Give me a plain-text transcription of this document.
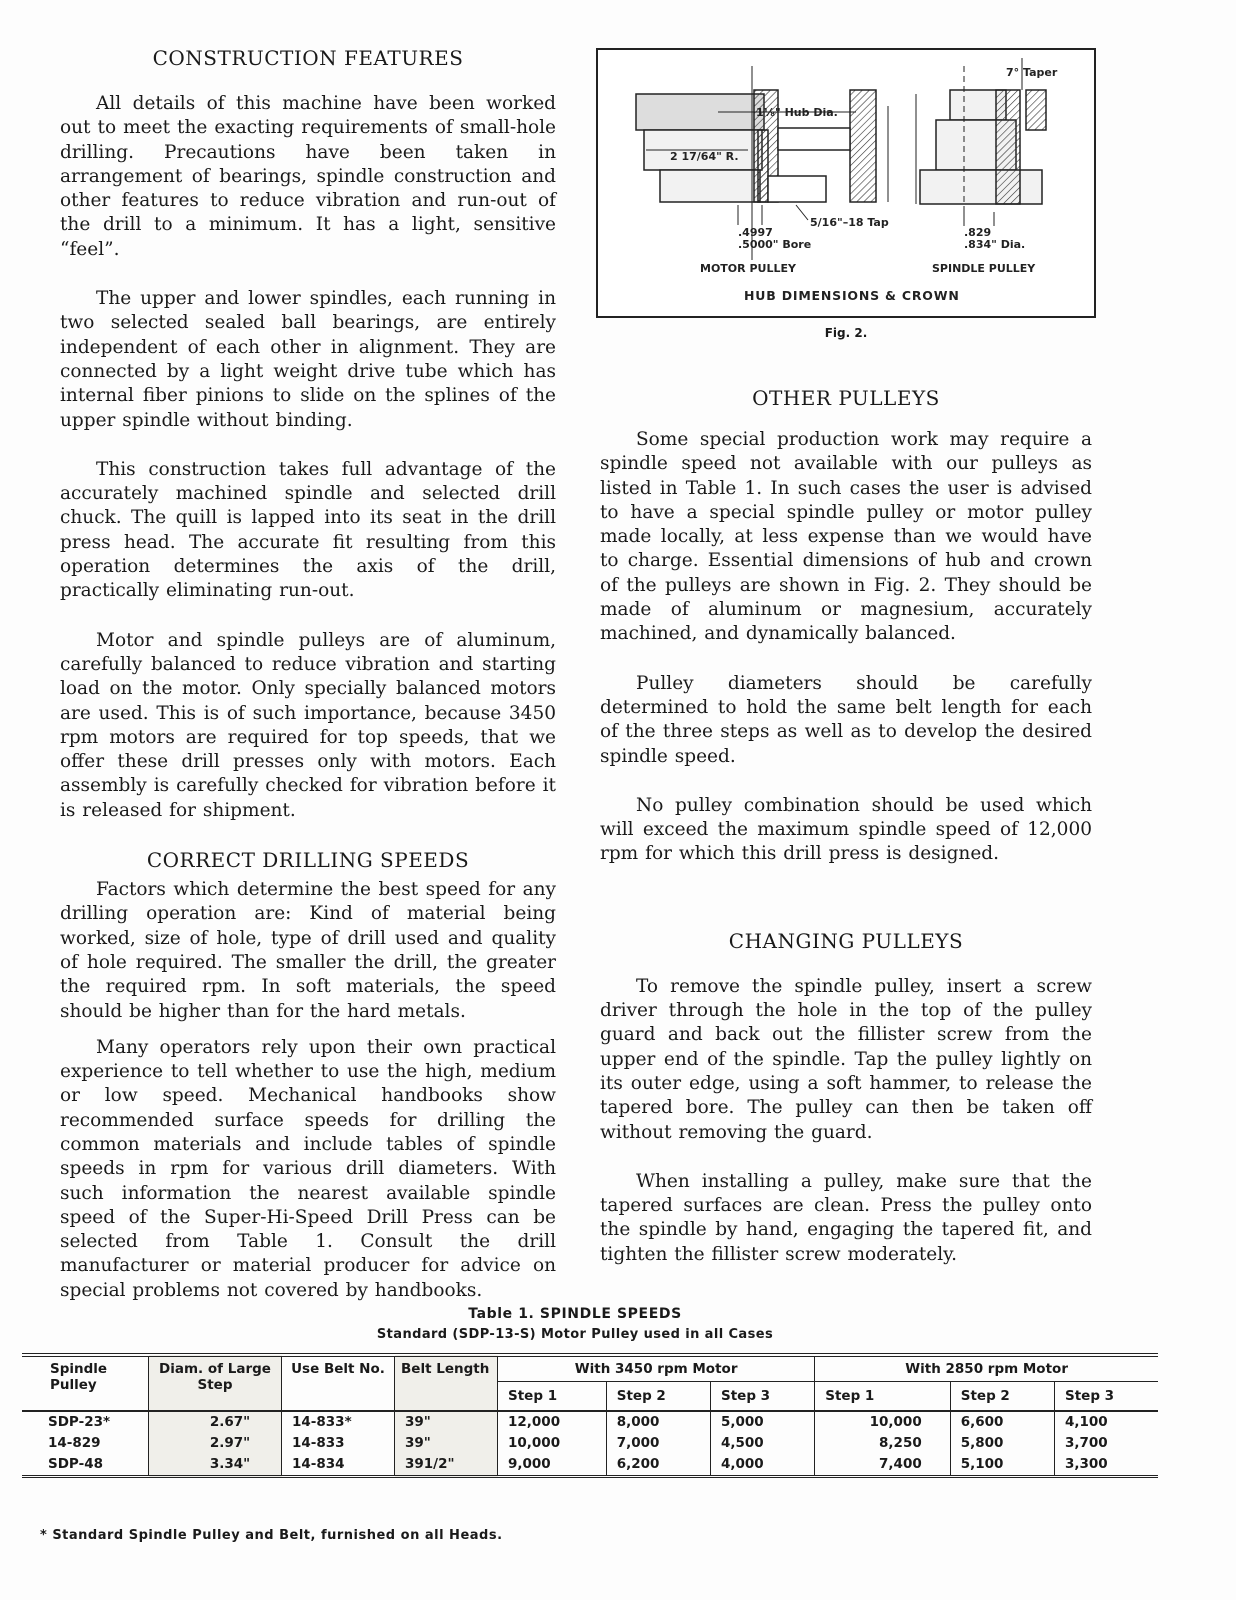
CONSTRUCTION FEATURES

All details of this machine have been worked out to meet the exacting requirements of small-hole drilling. Precautions have been taken in arrangement of bearings, spindle construction and other features to reduce vibration and run-out of the drill to a minimum. It has a light, sensitive “feel”.

The upper and lower spindles, each running in two selected sealed ball bearings, are entirely independent of each other in alignment. They are connected by a light weight drive tube which has internal fiber pinions to slide on the splines of the upper spindle without binding.

This construction takes full advantage of the accurately machined spindle and selected drill chuck. The quill is lapped into its seat in the drill press head. The accurate fit resulting from this operation determines the axis of the drill, practically eliminating run-out.

Motor and spindle pulleys are of aluminum, carefully balanced to reduce vibration and starting load on the motor. Only specially balanced motors are used. This is of such importance, because 3450 rpm motors are required for top speeds, that we offer these drill presses only with motors. Each assembly is carefully checked for vibration before it is released for shipment.

CORRECT DRILLING SPEEDS

Factors which determine the best speed for any drilling operation are: Kind of material being worked, size of hole, type of drill used and quality of hole required. The smaller the drill, the greater the required rpm. In soft materials, the speed should be higher than for the hard metals.

Many operators rely upon their own practical experience to tell whether to use the high, medium or low speed. Mechanical handbooks show recommended surface speeds for drilling the common materials and include tables of spindle speeds in rpm for various drill diameters. With such information the nearest available spindle speed of the Super-Hi-Speed Drill Press can be selected from Table 1. Consult the drill manufacturer or material producer for advice on special problems not covered by handbooks.

7° Taper
1⅛" Hub Dia.
2 17/64" R.
5/16"–18 Tap
.4997
.5000" Bore
.829
.834" Dia.
MOTOR PULLEY	SPINDLE PULLEY
HUB DIMENSIONS & CROWN
Fig. 2.
OTHER PULLEYS

Some special production work may require a spindle speed not available with our pulleys as listed in Table 1. In such cases the user is advised to have a special spindle pulley or motor pulley made locally, at less expense than we would have to charge. Essential dimensions of hub and crown of the pulleys are shown in Fig. 2. They should be made of aluminum or magnesium, accurately machined, and dynamically balanced.

Pulley diameters should be carefully determined to hold the same belt length for each of the three steps as well as to develop the desired spindle speed.

No pulley combination should be used which will exceed the maximum spindle speed of 12,000 rpm for which this drill press is designed.

CHANGING PULLEYS

To remove the spindle pulley, insert a screw driver through the hole in the top of the pulley guard and back out the fillister screw from the upper end of the spindle. Tap the pulley lightly on its outer edge, using a soft hammer, to release the tapered bore. The pulley can then be taken off without removing the guard.

When installing a pulley, make sure that the tapered surfaces are clean. Press the pulley onto the spindle by hand, engaging the tapered fit, and tighten the fillister screw moderately.

Table 1. SPINDLE SPEEDS
Standard (SDP-13-S) Motor Pulley used in all Cases
Spindle Pulley	Diam. of Large Step	Use Belt No.	Belt Length	With 3450 rpm Motor			With 2850 rpm Motor		
				Step 1	Step 2	Step 3	Step 1	Step 2	Step 3
SDP-23*	2.67"	14-833*	39"	12,000	8,000	5,000	10,000	6,600	4,100
14-829	2.97"	14-833	39"	10,000	7,000	4,500	8,250	5,800	3,700
SDP-48	3.34"	14-834	391/2"	9,000	6,200	4,000	7,400	5,100	3,300
* Standard Spindle Pulley and Belt, furnished on all Heads.
